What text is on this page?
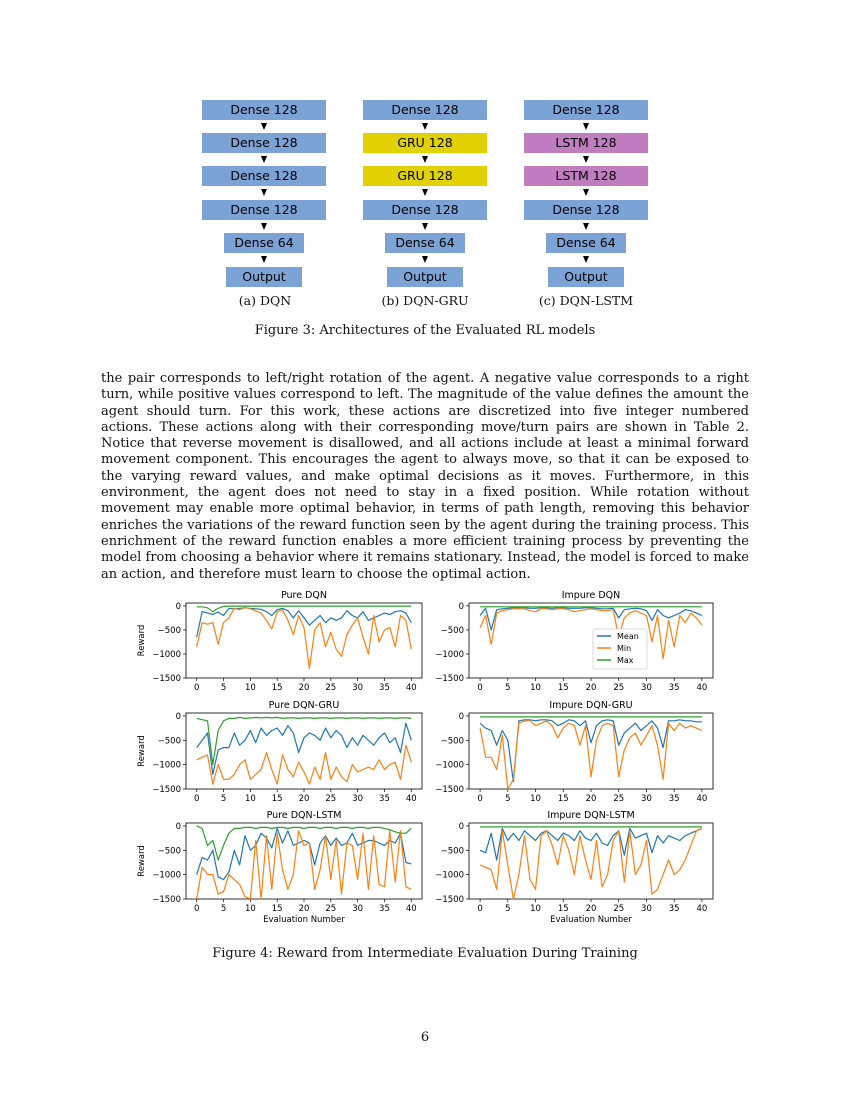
Dense 128
Dense 128
Dense 128
Dense 128
Dense 64
Output
Dense 128
GRU 128
GRU 128
Dense 128
Dense 64
Output
Dense 128
LSTM 128
LSTM 128
Dense 128
Dense 64
Output
(a) DQN	(b) DQN-GRU	(c) DQN-LSTM
Figure 3: Architectures of the Evaluated RL models
the pair corresponds to left/right rotation of the agent. A negative value corresponds to a right turn, while positive values correspond to left. The magnitude of the value defines the amount the agent should turn. For this work, these actions are discretized into five integer numbered actions. These actions along with their corresponding move/turn pairs are shown in Table 2. Notice that reverse movement is disallowed, and all actions include at least a minimal forward movement component. This encourages the agent to always move, so that it can be exposed to the varying reward values, and make optimal decisions as it moves. Furthermore, in this environment, the agent does not need to stay in a fixed position. While rotation without movement may enable more optimal behavior, in terms of path length, removing this behavior enriches the variations of the reward function seen by the agent during the training process. This enrichment of the reward function enables a more efficient training process by preventing the model from choosing a behavior where it remains stationary. Instead, the model is forced to make an action, and therefore must learn to choose the optimal action.
Pure DQN
0
−500
−1000
−1500
0	5 10 15 20 25 30 35 40
Reward
Impure DQN
0
−500
−1000
−1500
0	5 10 15 20 25 30 35 40
Mean
Min
Max
Pure DQN-GRU
0
−500
−1000
−1500
0	5 10 15 20 25 30 35 40
Reward
Impure DQN-GRU
0
−500
−1000
−1500
0	5 10 15 20 25 30 35 40
Pure DQN-LSTM
0
−500
−1000
−1500
0	5 10 15 20 25 30 35 40
Reward
Evaluation Number
Impure DQN-LSTM
0
−500
−1000
−1500
0	5 10 15 20 25 30 35 40
Evaluation Number
Figure 4: Reward from Intermediate Evaluation During Training
6
